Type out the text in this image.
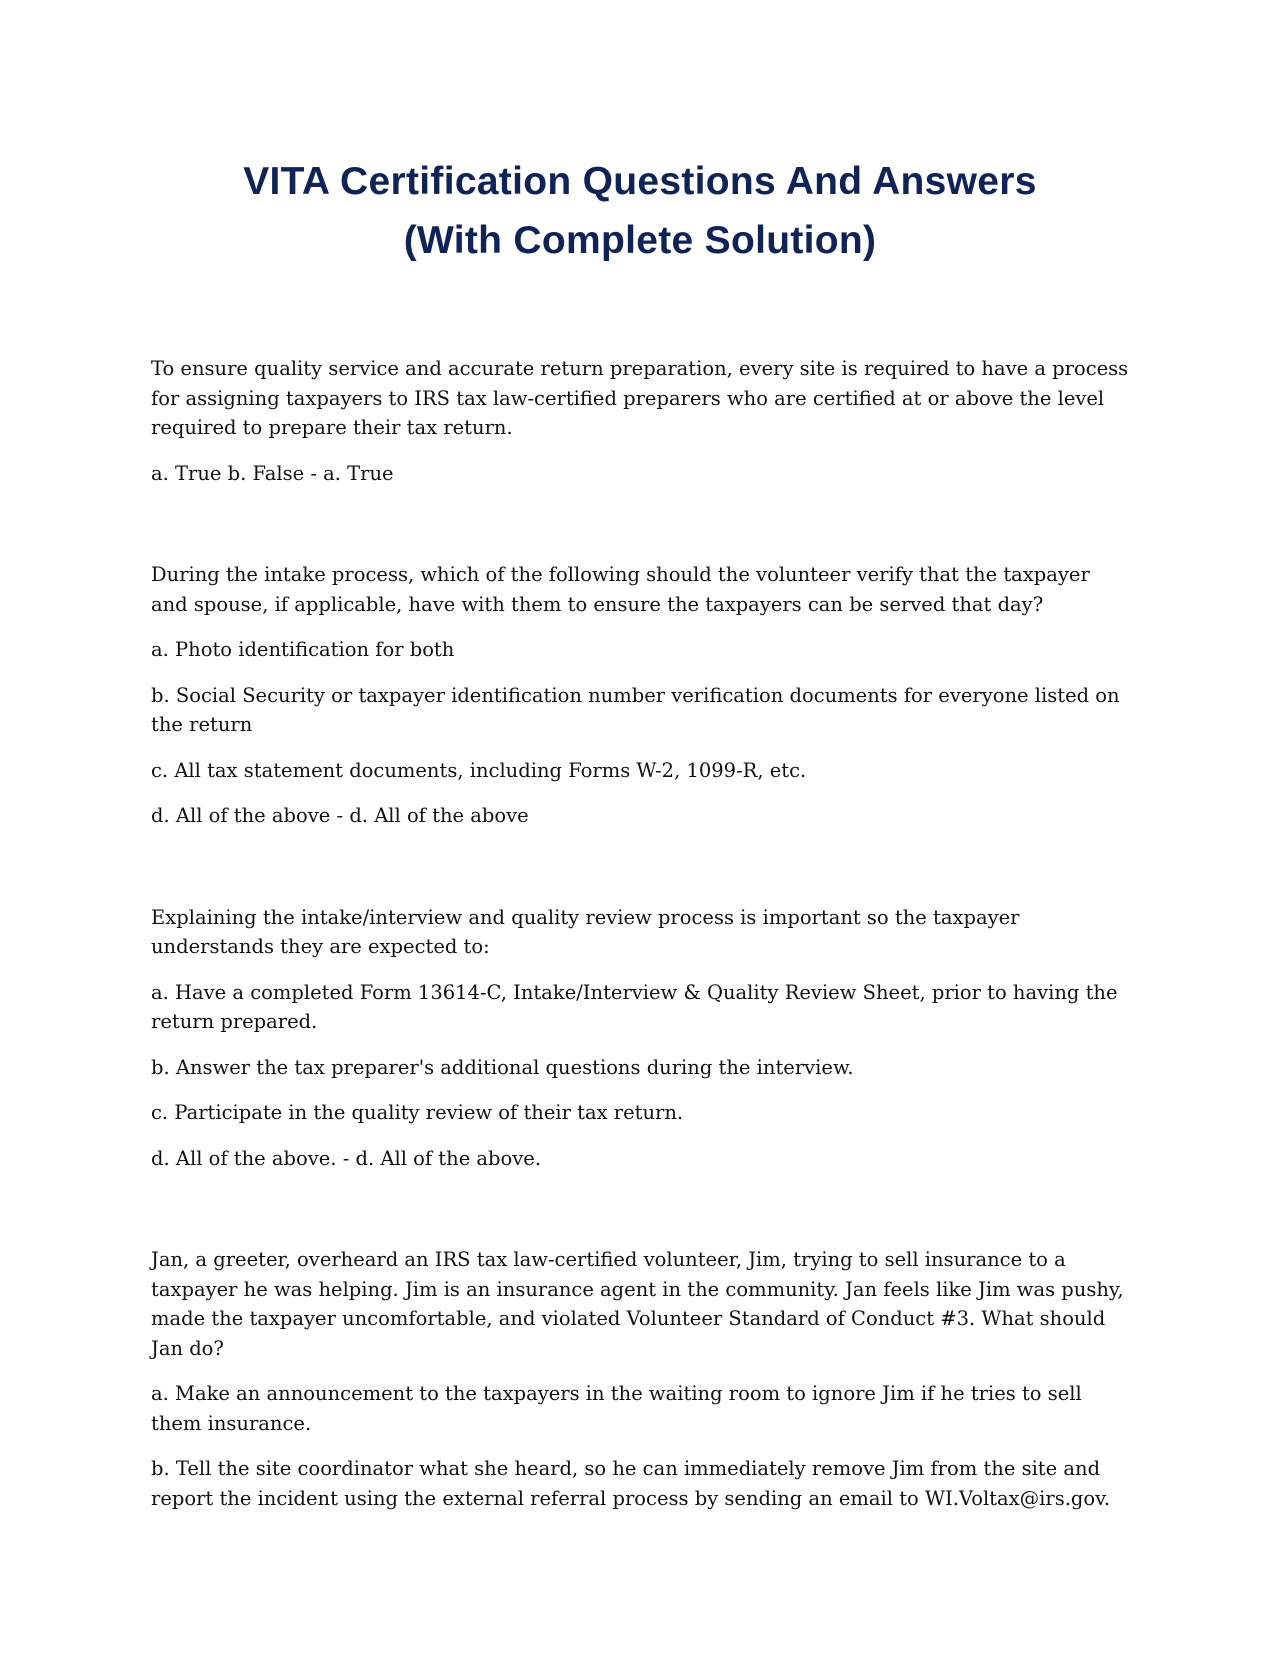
VITA Certification Questions And Answers
(With Complete Solution)

To ensure quality service and accurate return preparation, every site is required to have a process for assigning taxpayers to IRS tax law-certified preparers who are certified at or above the level required to prepare their tax return.

a. True b. False - a. True

During the intake process, which of the following should the volunteer verify that the taxpayer and spouse, if applicable, have with them to ensure the taxpayers can be served that day?

a. Photo identification for both

b. Social Security or taxpayer identification number verification documents for everyone listed on the return

c. All tax statement documents, including Forms W-2, 1099-R, etc.

d. All of the above - d. All of the above

Explaining the intake/interview and quality review process is important so the taxpayer understands they are expected to:

a. Have a completed Form 13614-C, Intake/Interview & Quality Review Sheet, prior to having the return prepared.

b. Answer the tax preparer's additional questions during the interview.

c. Participate in the quality review of their tax return.

d. All of the above. - d. All of the above.

Jan, a greeter, overheard an IRS tax law-certified volunteer, Jim, trying to sell insurance to a taxpayer he was helping. Jim is an insurance agent in the community. Jan feels like Jim was pushy, made the taxpayer uncomfortable, and violated Volunteer Standard of Conduct #3. What should Jan do?

a. Make an announcement to the taxpayers in the waiting room to ignore Jim if he tries to sell them insurance.

b. Tell the site coordinator what she heard, so he can immediately remove Jim from the site and report the incident using the external referral process by sending an email to WI.Voltax@irs.gov.
